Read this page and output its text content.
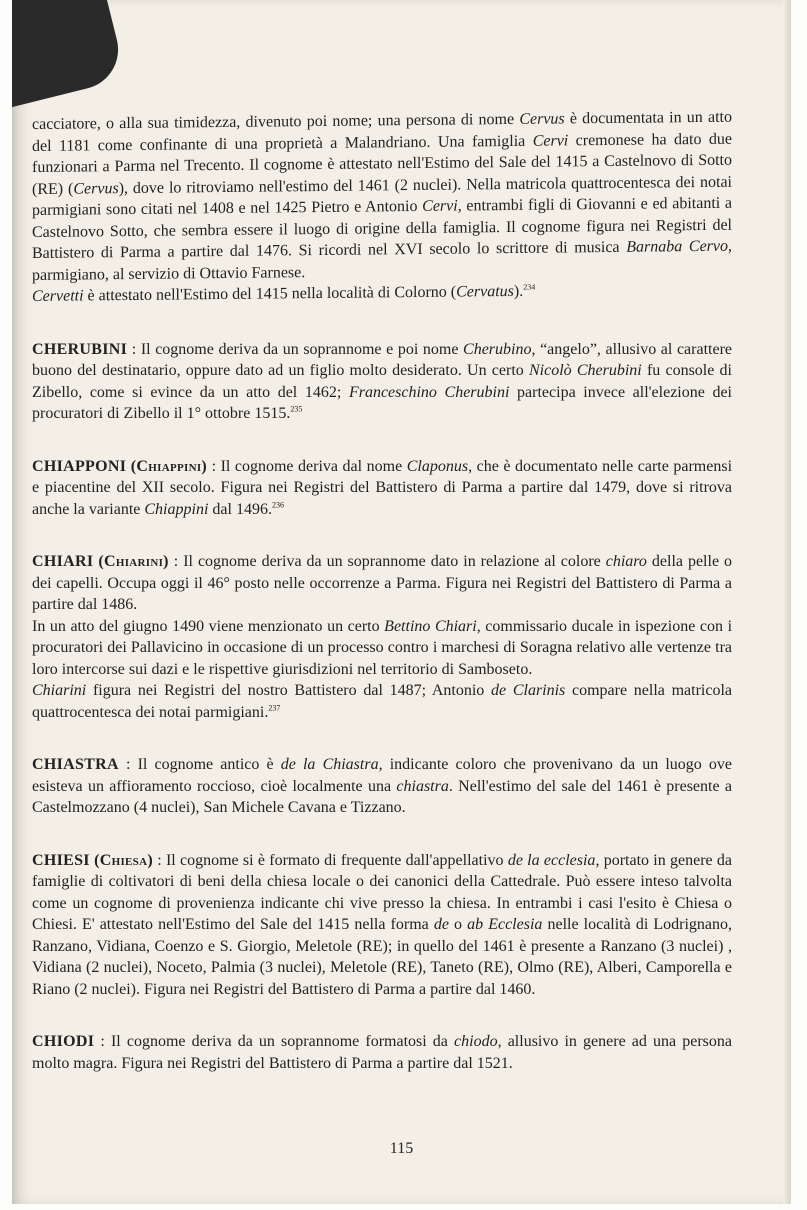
cacciatore, o alla sua timidezza, divenuto poi nome; una persona di nome Cervus è documentata in un atto del 1181 come confinante di una proprietà a Malandriano. Una famiglia Cervi cremonese ha dato due funzionari a Parma nel Trecento. Il cognome è attestato nell'Estimo del Sale del 1415 a Castelnovo di Sotto (RE) (Cervus), dove lo ritroviamo nell'estimo del 1461 (2 nuclei). Nella matricola quattrocentesca dei notai parmigiani sono citati nel 1408 e nel 1425 Pietro e Antonio Cervi, entrambi figli di Giovanni e ed abitanti a Castelnovo Sotto, che sembra essere il luogo di origine della famiglia. Il cognome figura nei Registri del Battistero di Parma a partire dal 1476. Si ricordi nel XVI secolo lo scrittore di musica Barnaba Cervo, parmigiano, al servizio di Ottavio Farnese.

Cervetti è attestato nell'Estimo del 1415 nella località di Colorno (Cervatus).$^{234}$

CHERUBINI : Il cognome deriva da un soprannome e poi nome Cherubino, “angelo”, allusivo al carattere buono del destinatario, oppure dato ad un figlio molto desiderato. Un certo Nicolò Cherubini fu console di Zibello, come si evince da un atto del 1462; Franceschino Cherubini partecipa invece all'elezione dei procuratori di Zibello il 1° ottobre 1515.$^{235}$

CHIAPPONI (Chiappini) : Il cognome deriva dal nome Claponus, che è documentato nelle carte parmensi e piacentine del XII secolo. Figura nei Registri del Battistero di Parma a partire dal 1479, dove si ritrova anche la variante Chiappini dal 1496.$^{236}$

CHIARI (Chiarini) : Il cognome deriva da un soprannome dato in relazione al colore chiaro della pelle o dei capelli. Occupa oggi il 46° posto nelle occorrenze a Parma. Figura nei Registri del Battistero di Parma a partire dal 1486.

In un atto del giugno 1490 viene menzionato un certo Bettino Chiari, commissario ducale in ispezione con i procuratori dei Pallavicino in occasione di un processo contro i marchesi di Soragna relativo alle vertenze tra loro intercorse sui dazi e le rispettive giurisdizioni nel territorio di Samboseto.

Chiarini figura nei Registri del nostro Battistero dal 1487; Antonio de Clarinis compare nella matricola quattrocentesca dei notai parmigiani.$^{237}$

CHIASTRA : Il cognome antico è de la Chiastra, indicante coloro che provenivano da un luogo ove esisteva un affioramento roccioso, cioè localmente una chiastra. Nell'estimo del sale del 1461 è presente a Castelmozzano (4 nuclei), San Michele Cavana e Tizzano.

CHIESI (Chiesa) : Il cognome si è formato di frequente dall'appellativo de la ecclesia, portato in genere da famiglie di coltivatori di beni della chiesa locale o dei canonici della Cattedrale. Può essere inteso talvolta come un cognome di provenienza indicante chi vive presso la chiesa. In entrambi i casi l'esito è Chiesa o Chiesi. E' attestato nell'Estimo del Sale del 1415 nella forma de o ab Ecclesia nelle località di Lodrignano, Ranzano, Vidiana, Coenzo e S. Giorgio, Meletole (RE); in quello del 1461 è presente a Ranzano (3 nuclei) , Vidiana (2 nuclei), Noceto, Palmia (3 nuclei), Meletole (RE), Taneto (RE), Olmo (RE), Alberi, Camporella e Riano (2 nuclei). Figura nei Registri del Battistero di Parma a partire dal 1460.

CHIODI : Il cognome deriva da un soprannome formatosi da chiodo, allusivo in genere ad una persona molto magra. Figura nei Registri del Battistero di Parma a partire dal 1521.

115
